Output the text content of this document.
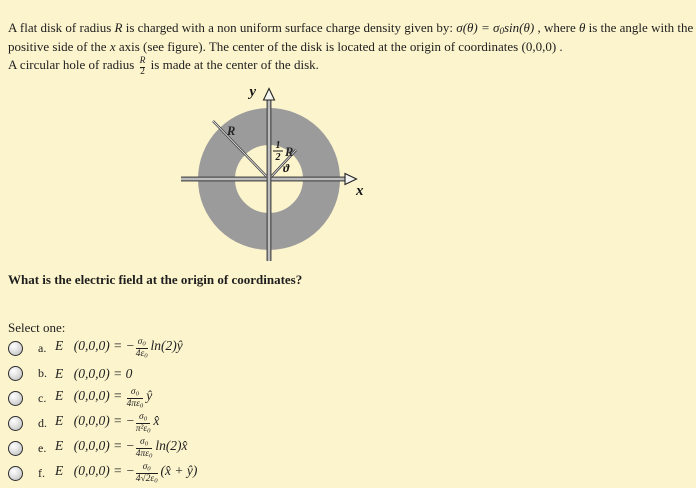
A flat disk of radius R is charged with a non uniform surface charge density given by: $\sigma(\theta) = \sigma_0\sin(\theta)$ , where θ is the angle with the positive side of the x axis (see figure). The center of the disk is located at the origin of coordinates (0,0,0) .

A circular hole of radius $\frac{R}{2}$ is made at the center of the disk.

y
x
R
1
2 R
ϑ
What is the electric field at the origin of coordinates?
Select one:
a. E⃗(0,0,0) = − $\frac{\sigma_0}{4\varepsilon_0}$ ln(2)ŷ
b. E⃗(0,0,0) = 0
c. E⃗(0,0,0) = $\frac{\sigma_0}{4\pi\varepsilon_0}$ ŷ
d. E⃗(0,0,0) = − $\frac{\sigma_0}{\pi^2\varepsilon_0}$ x̂
e. E⃗(0,0,0) = − $\frac{\sigma_0}{4\pi\varepsilon_0}$ ln(2)x̂
f. E⃗(0,0,0) = − $\frac{\sigma_0}{4√2\varepsilon_0}$ (x̂ + ŷ)
